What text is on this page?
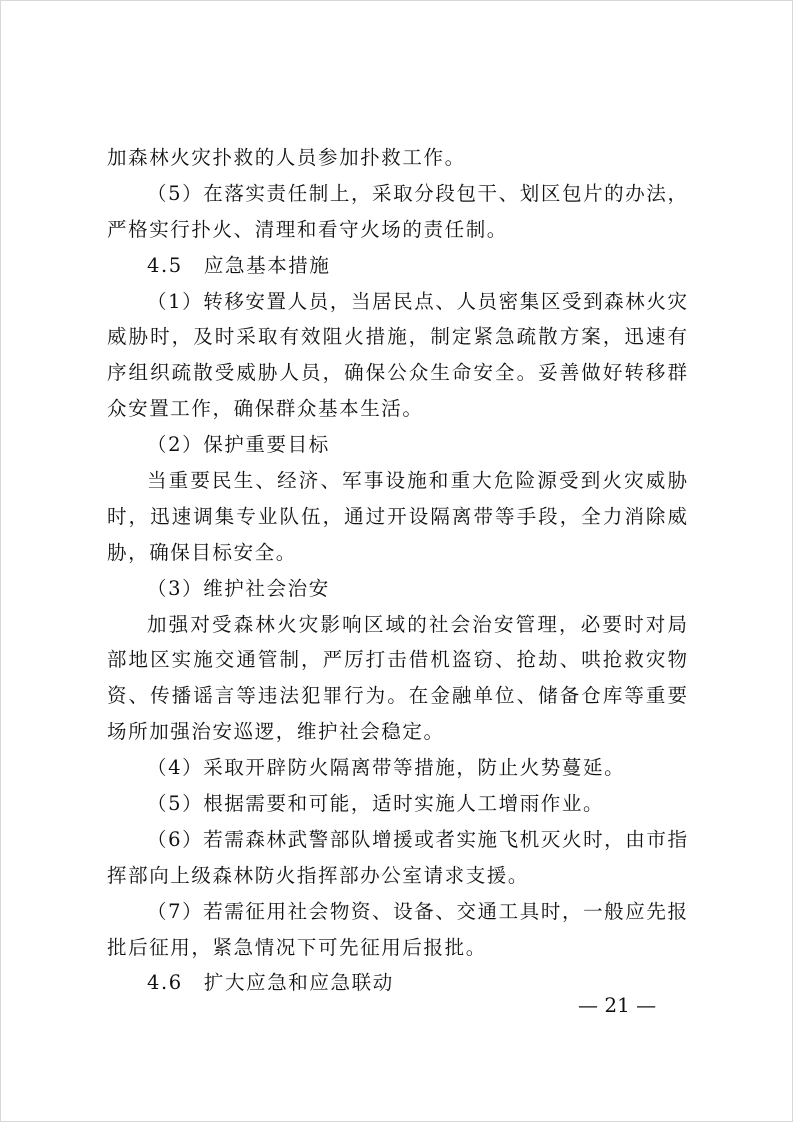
加森林火灾扑救的人员参加扑救工作。
（5）在落实责任制上，采取分段包干、划区包片的办法，
严格实行扑火、清理和看守火场的责任制。
4.5　应急基本措施
（1）转移安置人员，当居民点、人员密集区受到森林火灾
威胁时，及时采取有效阻火措施，制定紧急疏散方案，迅速有
序组织疏散受威胁人员，确保公众生命安全。妥善做好转移群
众安置工作，确保群众基本生活。
（2）保护重要目标
当重要民生、经济、军事设施和重大危险源受到火灾威胁
时，迅速调集专业队伍，通过开设隔离带等手段，全力消除威
胁，确保目标安全。
（3）维护社会治安
加强对受森林火灾影响区域的社会治安管理，必要时对局
部地区实施交通管制，严厉打击借机盗窃、抢劫、哄抢救灾物
资、传播谣言等违法犯罪行为。在金融单位、储备仓库等重要
场所加强治安巡逻，维护社会稳定。
（4）采取开辟防火隔离带等措施，防止火势蔓延。
（5）根据需要和可能，适时实施人工增雨作业。
（6）若需森林武警部队增援或者实施飞机灭火时，由市指
挥部向上级森林防火指挥部办公室请求支援。
（7）若需征用社会物资、设备、交通工具时，一般应先报
批后征用，紧急情况下可先征用后报批。
4.6　扩大应急和应急联动
— 21 —
